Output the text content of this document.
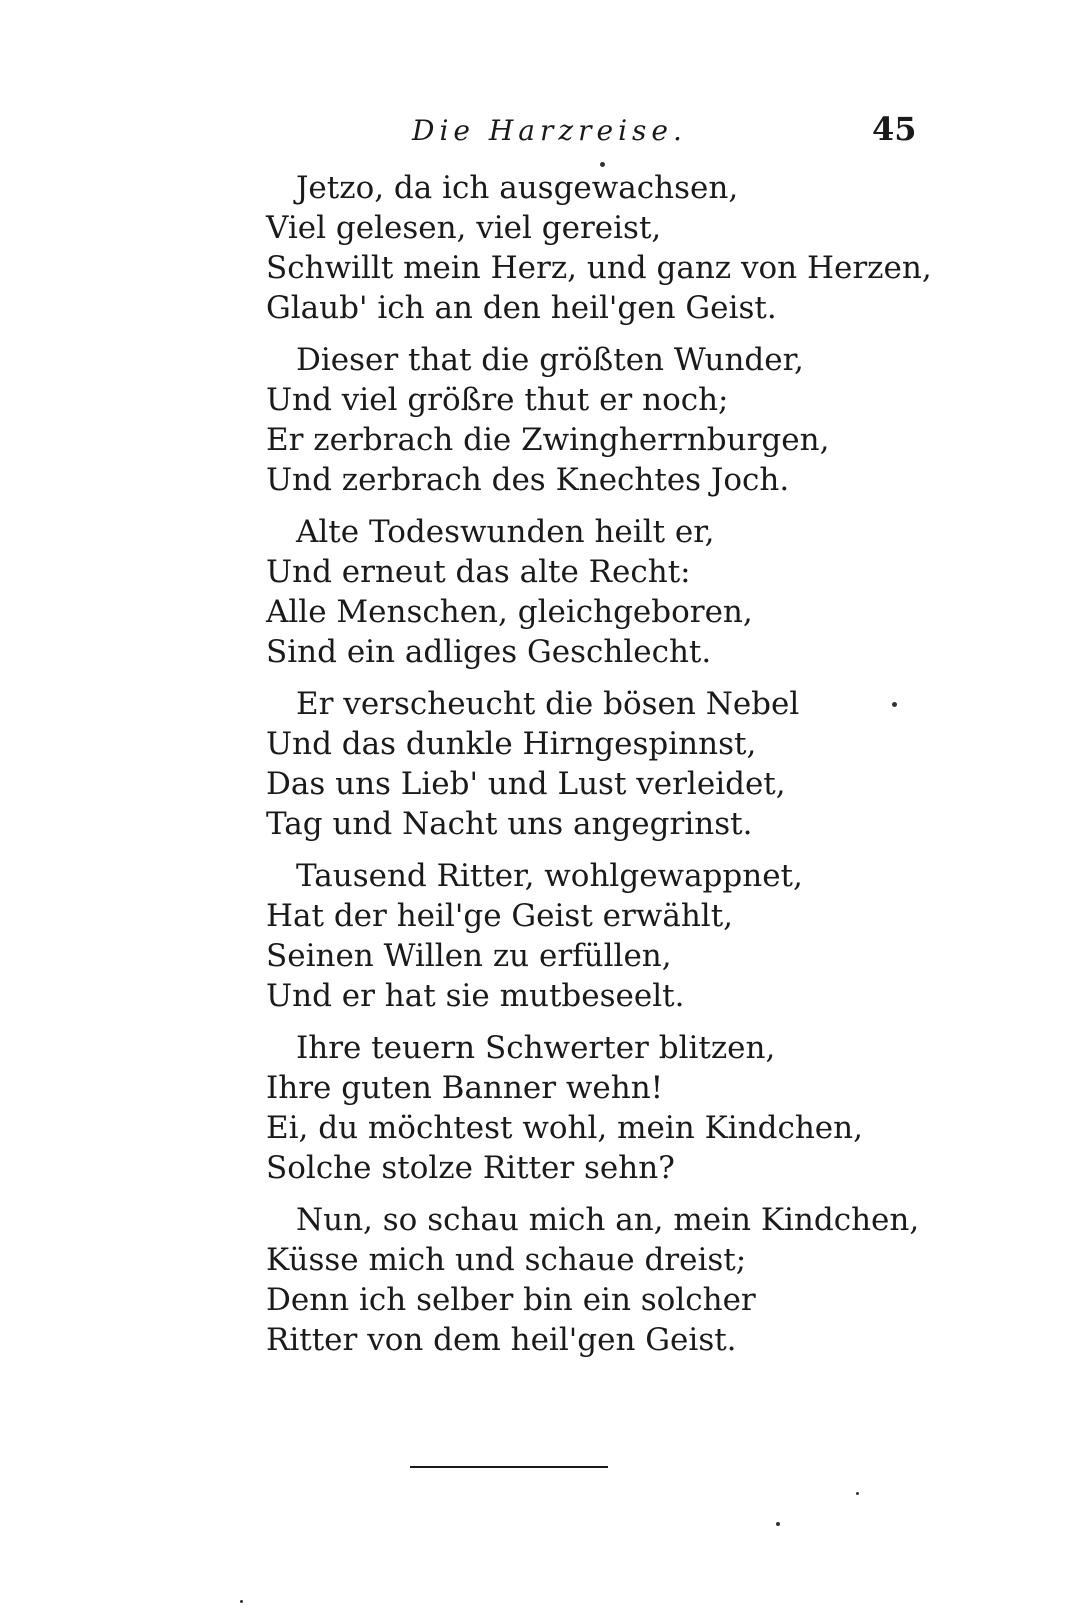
Die Harzreise.	45
Jetzo, da ich ausgewachsen,
Viel gelesen, viel gereist,
Schwillt mein Herz, und ganz von Herzen,
Glaub' ich an den heil'gen Geist.
Dieser that die größten Wunder,
Und viel größre thut er noch;
Er zerbrach die Zwingherrnburgen,
Und zerbrach des Knechtes Joch.
Alte Todeswunden heilt er,
Und erneut das alte Recht:
Alle Menschen, gleichgeboren,
Sind ein adliges Geschlecht.
Er verscheucht die bösen Nebel
Und das dunkle Hirngespinnst,
Das uns Lieb' und Lust verleidet,
Tag und Nacht uns angegrinst.
Tausend Ritter, wohlgewappnet,
Hat der heil'ge Geist erwählt,
Seinen Willen zu erfüllen,
Und er hat sie mutbeseelt.
Ihre teuern Schwerter blitzen,
Ihre guten Banner wehn!
Ei, du möchtest wohl, mein Kindchen,
Solche stolze Ritter sehn?
Nun, so schau mich an, mein Kindchen,
Küsse mich und schaue dreist;
Denn ich selber bin ein solcher
Ritter von dem heil'gen Geist.
